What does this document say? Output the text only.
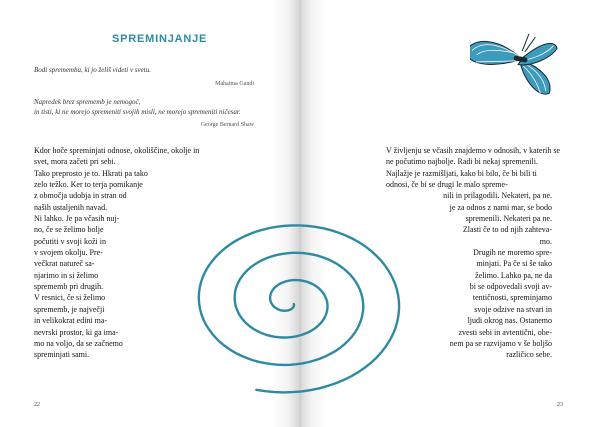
SPREMINJANJE
Bodi sprememba, ki jo želiš videti v svetu.
Mahatma Gandi
Napredek brez sprememb je nemogoč,
in tisti, ki ne morejo spremeniti svojih misli, ne morejo spremeniti ničesar.
George Bernard Shaw
Kdor hoče spreminjati odnose, okoliščine, okolje in
svet, mora začeti pri sebi.
Tako preprosto je to. Hkrati pa tako
zelo težko. Ker to terja pomikanje
z območja udobja in stran od
naših ustaljenih navad.
Ni lahko. Je pa včasih nuj-
no, če se želimo bolje
počutiti v svoji koži in
v svojem okolju. Pre-
večkrat natureč sa-
njarimo in si želimo
sprememb pri drugih.
V resnici, če si želimo
sprememb, je največji
in velikokrat edini ma-
nevrski prostor, ki ga ima-
mo na voljo, da se začnemo
spreminjati sami.
22	23
V življenju se včasih znajdemo v odnosih, v katerih se
ne počutimo najbolje. Radi bi nekaj spremenili.
Najlažje je razmišljati, kako bi bilo, če bi bili ti
odnosi, če bi se drugi le malo spreme-
nili in prilagodili. Nekateri, pa ne.
je za odnos z nami mar, se bodo
spremenili. Nekateri pa ne.
Zlasti če to od njih zahteva-
mo.
Drugih ne moremo spre-
minjati. Pa če si še tako
želimo. Lahko pa, ne da
bi se odpovedali svoji av-
tentičnosti, spreminjamo
svoje odzive na stvari in
ljudi okrog nas. Ostanemo
zvesti sebi in avtentični, obe-
nem pa se razvijamo v še boljšo
različico sebe.
